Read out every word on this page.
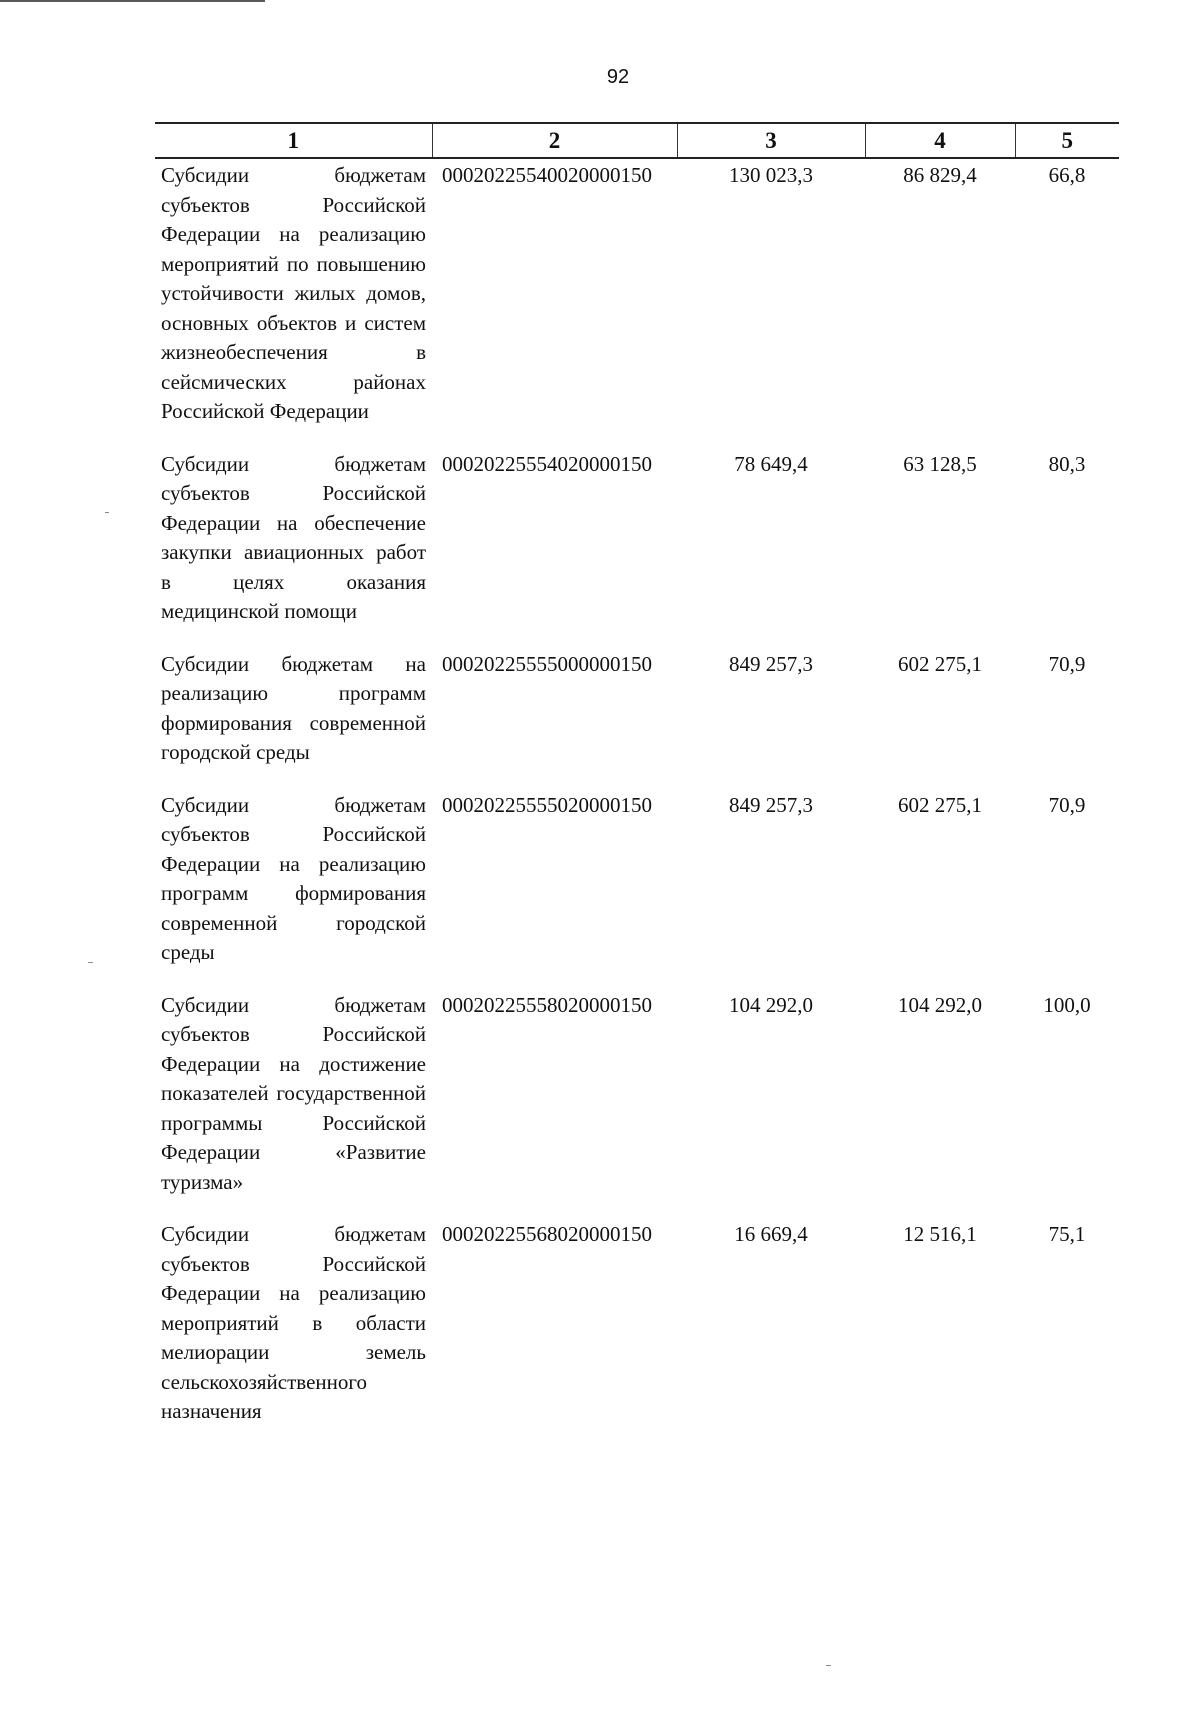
92
1	2	3	4	5
Субсидии бюджетам субъектов Российской Федерации на реализацию мероприятий по повышению устойчивости жилых домов, основных объектов и систем жизнеобеспечения в сейсмических районах Российской Федерации	00020225540020000150	130 023,3	86 829,4	66,8
Субсидии бюджетам субъектов Российской Федерации на обеспечение закупки авиационных работ в целях оказания медицинской помощи	00020225554020000150	78 649,4	63 128,5	80,3
Субсидии бюджетам на реализацию программ формирования современной городской среды	00020225555000000150	849 257,3	602 275,1	70,9
Субсидии бюджетам субъектов Российской Федерации на реализацию программ формирования современной городской среды	00020225555020000150	849 257,3	602 275,1	70,9
Субсидии бюджетам субъектов Российской Федерации на достижение показателей государственной программы Российской Федерации «Развитие туризма»	00020225558020000150	104 292,0	104 292,0	100,0
Субсидии бюджетам субъектов Российской Федерации на реализацию мероприятий в области мелиорации земель сельскохозяйственного назначения	00020225568020000150	16 669,4	12 516,1	75,1
